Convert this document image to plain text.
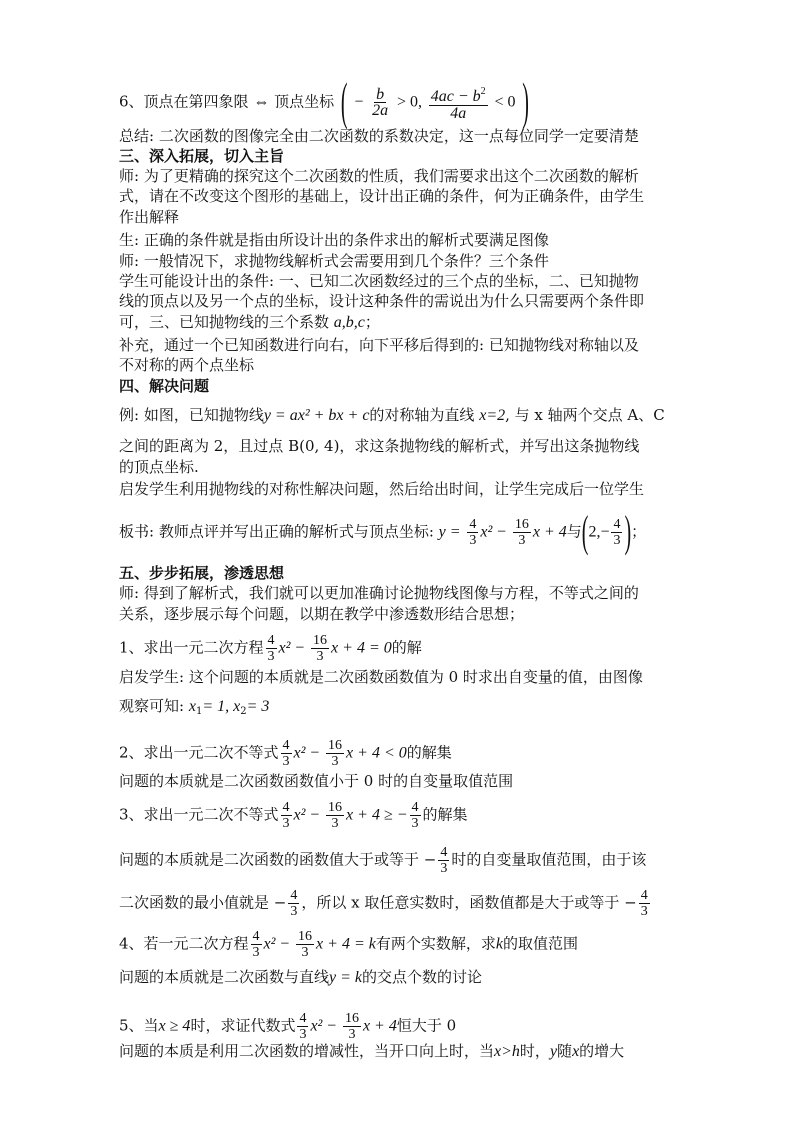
6、顶点在第四象限 ⇔ 顶点坐标 ( − $\frac{b}{2a} > 0$, $\frac{4ac - b^2}{4a} < 0$ )
总结: 二次函数的图像完全由二次函数的系数决定，这一点每位同学一定要清楚
三、深入拓展，切入主旨
师: 为了更精确的探究这个二次函数的性质，我们需要求出这个二次函数的解析
式，请在不改变这个图形的基础上，设计出正确的条件，何为正确条件，由学生
作出解释
生: 正确的条件就是指由所设计出的条件求出的解析式要满足图像
师: 一般情况下，求抛物线解析式会需要用到几个条件？三个条件
学生可能设计出的条件: 一、已知二次函数经过的三个点的坐标，二、已知抛物
线的顶点以及另一个点的坐标，设计这种条件的需说出为什么只需要两个条件即
可，三、已知抛物线的三个系数 a,b,c；
补充，通过一个已知函数进行向右，向下平移后得到的: 已知抛物线对称轴以及
不对称的两个点坐标
四、解决问题
例: 如图，已知抛物线y = ax² + bx + c的对称轴为直线 x=2, 与 x 轴两个交点 A、C
之间的距离为 2，且过点 B(0, 4)，求这条抛物线的解析式，并写出这条抛物线
的顶点坐标.
启发学生利用抛物线的对称性解决问题，然后给出时间，让学生完成后一位学生
板书: 教师点评并写出正确的解析式与顶点坐标: $y = \frac{4}{3} x^2 - \frac{16}{3}$ x + 4与($2,- \frac{4}{3}$ )；
五、步步拓展，渗透思想
师: 得到了解析式，我们就可以更加准确讨论抛物线图像与方程，不等式之间的
关系，逐步展示每个问题，以期在教学中渗透数形结合思想；
1、求出一元二次方程 $\frac{4}{3} x^2 - \frac{16}{3}$ x + 4 = 0的解
启发学生: 这个问题的本质就是二次函数函数值为 0 时求出自变量的值，由图像
观察可知: $x_1= 1$, $x_2= 3$
2、求出一元二次不等式 $\frac{4}{3} x^2 - \frac{16}{3}$ x + 4 < 0的解集
问题的本质就是二次函数函数值小于 0 时的自变量取值范围
3、求出一元二次不等式 $\frac{4}{3} x^2 - \frac{16}{3}$ x + 4 ≥ − $\frac{4}{3}$ 的解集
问题的本质就是二次函数的函数值大于或等于 − $\frac{4}{3}$ 时的自变量取值范围，由于该
二次函数的最小值就是 − $\frac{4}{3}$ ，所以 x 取任意实数时，函数值都是大于或等于 − $\frac{4}{3}$
4、若一元二次方程 $\frac{4}{3} x^2 - \frac{16}{3}$ x + 4 = k有两个实数解，求k的取值范围
问题的本质就是二次函数与直线y = k的交点个数的讨论
5、当x ≥ 4时，求证代数式 $\frac{4}{3} x^2 - \frac{16}{3}$ x + 4恒大于 0
问题的本质是利用二次函数的增减性，当开口向上时，当x>h时，y随x的增大
